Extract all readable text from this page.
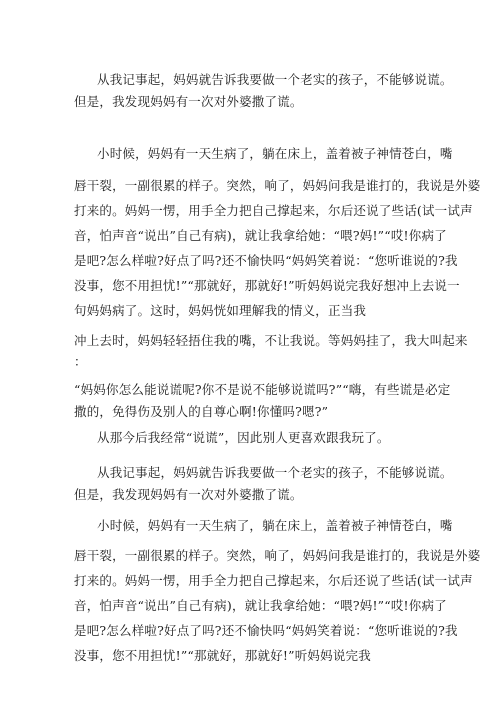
从我记事起，妈妈就告诉我要做一个老实的孩子，不能够说谎。
但是，我发现妈妈有一次对外婆撒了谎。
小时候，妈妈有一天生病了，躺在床上，盖着被子神情苍白，嘴
唇干裂，一副很累的样子。突然，响了，妈妈问我是谁打的，我说是外婆
打来的。妈妈一愣，用手全力把自己撑起来，尔后还说了些话(试一试声
音，怕声音“说出”自己有病)，就让我拿给她：“喂?妈!”“哎!你病了
是吧?怎么样啦?好点了吗?还不愉快吗“妈妈笑着说：“您听谁说的?我
没事，您不用担忧!”“那就好，那就好!”听妈妈说完我好想冲上去说一
句妈妈病了。这时，妈妈恍如理解我的情义，正当我
冲上去时，妈妈轻轻捂住我的嘴，不让我说。等妈妈挂了，我大叫起来
：
“妈妈你怎么能说谎呢?你不是说不能够说谎吗?”“嗨，有些谎是必定
撒的，免得伤及别人的自尊心啊!你懂吗?嗯?”
从那今后我经常“说谎”，因此别人更喜欢跟我玩了。
从我记事起，妈妈就告诉我要做一个老实的孩子，不能够说谎。
但是，我发现妈妈有一次对外婆撒了谎。
小时候，妈妈有一天生病了，躺在床上，盖着被子神情苍白，嘴
唇干裂，一副很累的样子。突然，响了，妈妈问我是谁打的，我说是外婆
打来的。妈妈一愣，用手全力把自己撑起来，尔后还说了些话(试一试声
音，怕声音“说出”自己有病)，就让我拿给她：“喂?妈!”“哎!你病了
是吧?怎么样啦?好点了吗?还不愉快吗“妈妈笑着说：“您听谁说的?我
没事，您不用担忧!”“那就好，那就好!”听妈妈说完我
